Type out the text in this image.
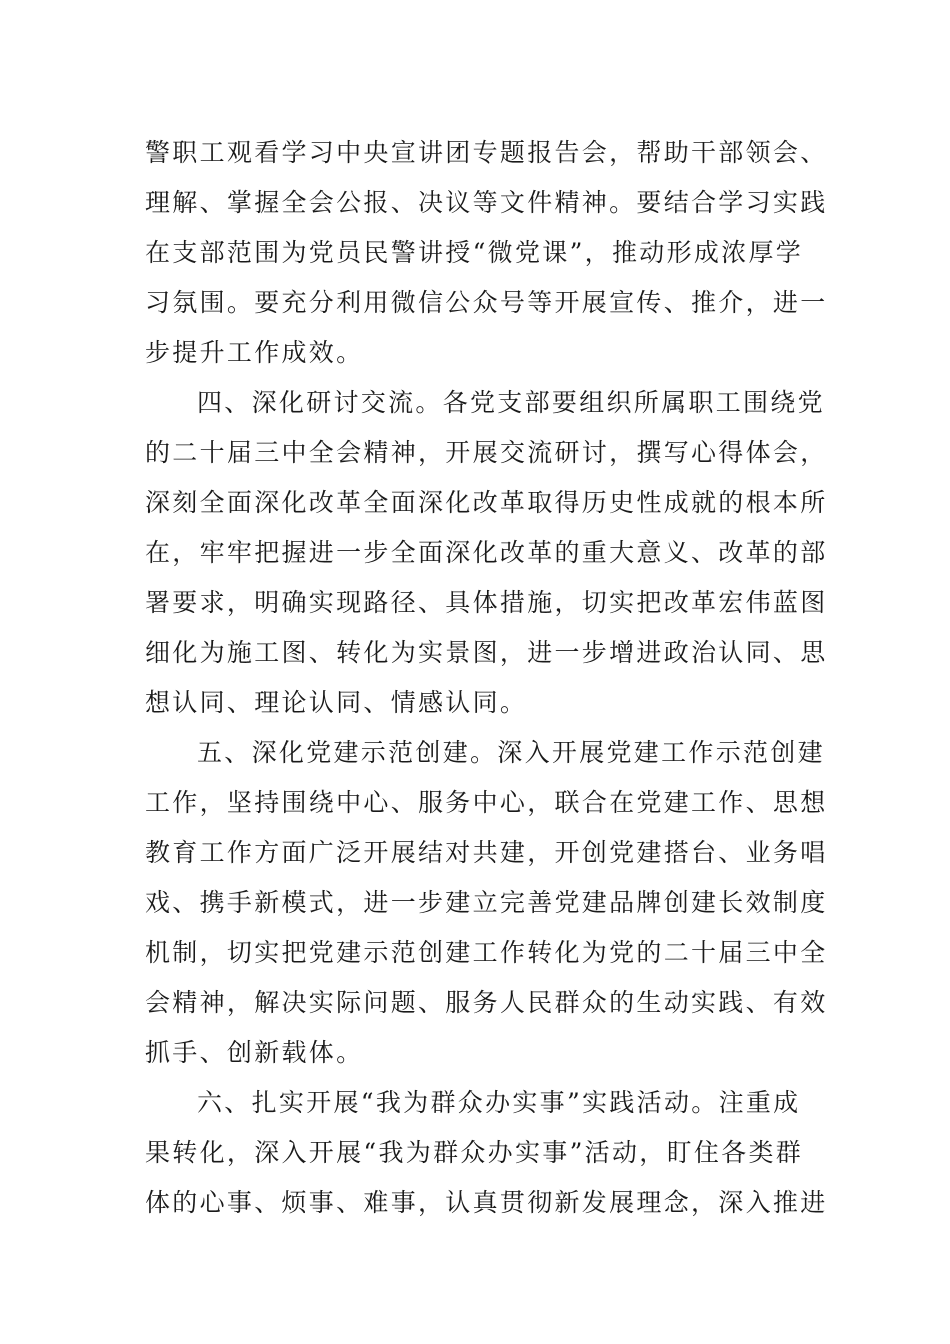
警职工观看学习中央宣讲团专题报告会，帮助干部领会、
理解、掌握全会公报、决议等文件精神。要结合学习实践
在支部范围为党员民警讲授“微党课”，推动形成浓厚学
习氛围。要充分利用微信公众号等开展宣传、推介，进一
步提升工作成效。
四、深化研讨交流。各党支部要组织所属职工围绕党
的二十届三中全会精神，开展交流研讨，撰写心得体会，
深刻全面深化改革全面深化改革取得历史性成就的根本所
在，牢牢把握进一步全面深化改革的重大意义、改革的部
署要求，明确实现路径、具体措施，切实把改革宏伟蓝图
细化为施工图、转化为实景图，进一步增进政治认同、思
想认同、理论认同、情感认同。
五、深化党建示范创建。深入开展党建工作示范创建
工作，坚持围绕中心、服务中心，联合在党建工作、思想
教育工作方面广泛开展结对共建，开创党建搭台、业务唱
戏、携手新模式，进一步建立完善党建品牌创建长效制度
机制，切实把党建示范创建工作转化为党的二十届三中全
会精神，解决实际问题、服务人民群众的生动实践、有效
抓手、创新载体。
六、扎实开展“我为群众办实事”实践活动。注重成
果转化，深入开展“我为群众办实事”活动，盯住各类群
体的心事、烦事、难事，认真贯彻新发展理念，深入推进
